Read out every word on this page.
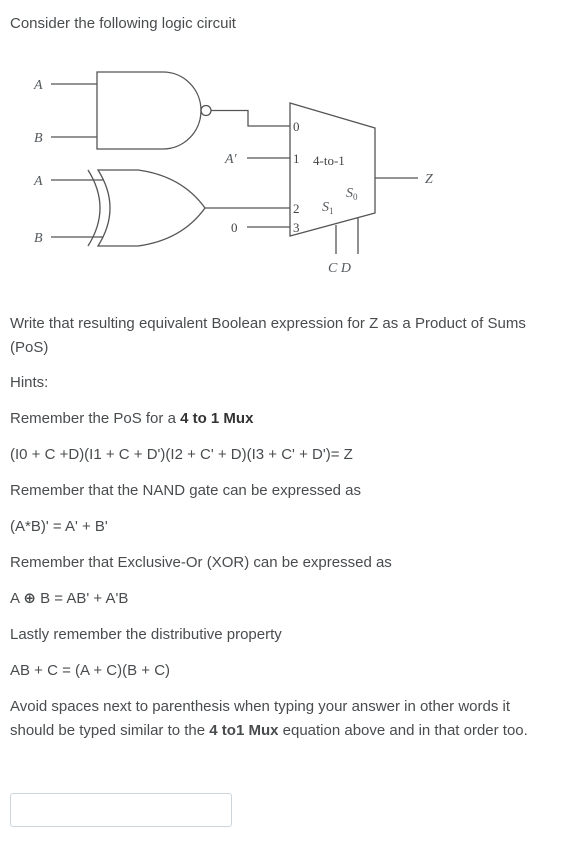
Consider the following logic circuit
A
B
A
B
0
1
2
3
4-to-1
A′
0
$S_1$
$S_0$
C D
Z
Write that resulting equivalent Boolean expression for Z as a Product of Sums (PoS)
Hints:
Remember the PoS for a 4 to 1 Mux
(I0 + C +D)(I1 + C + D')(I2 + C' + D)(I3 + C' + D')= Z
Remember that the NAND gate can be expressed as
(A*B)' = A' + B'
Remember that Exclusive-Or (XOR) can be expressed as
A ⊕ B = AB' + A'B
Lastly remember the distributive property
AB + C = (A + C)(B + C)
Avoid spaces next to parenthesis when typing your answer in other words it should be typed similar to the 4 to1 Mux equation above and in that order too.
